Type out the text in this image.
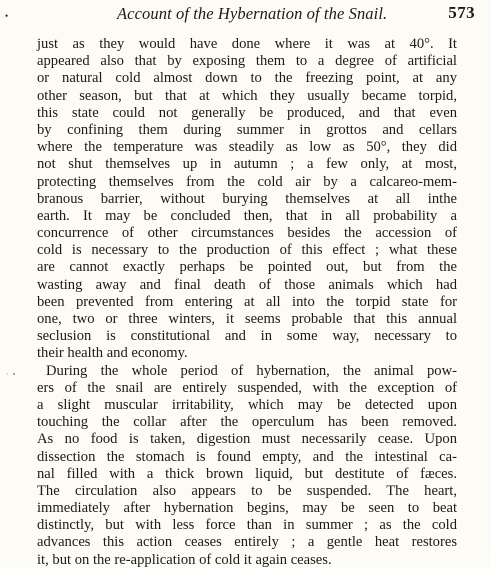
•	Account of the Hybernation of the Snail.	573
· •
just as they would have done where it was at 40°. It
appeared also that by exposing them to a degree of artificial
or natural cold almost down to the freezing point, at any
other season, but that at which they usually became torpid,
this state could not generally be produced, and that even
by confining them during summer in grottos and cellars
where the temperature was steadily as low as 50°, they did
not shut themselves up in autumn ; a few only, at most,
protecting themselves from the cold air by a calcareo-mem-
branous barrier, without burying themselves at all inthe
earth. It may be concluded then, that in all probability a
concurrence of other circumstances besides the accession of
cold is necessary to the production of this effect ; what these
are cannot exactly perhaps be pointed out, but from the
wasting away and final death of those animals which had
been prevented from entering at all into the torpid state for
one, two or three winters, it seems probable that this annual
seclusion is constitutional and in some way, necessary to
their health and economy.
During the whole period of hybernation, the animal pow-
ers of the snail are entirely suspended, with the exception of
a slight muscular irritability, which may be detected upon
touching the collar after the operculum has been removed.
As no food is taken, digestion must necessarily cease. Upon
dissection the stomach is found empty, and the intestinal ca-
nal filled with a thick brown liquid, but destitute of fæces.
The circulation also appears to be suspended. The heart,
immediately after hybernation begins, may be seen to beat
distinctly, but with less force than in summer ; as the cold
advances this action ceases entirely ; a gentle heat restores
it, but on the re-application of cold it again ceases.
